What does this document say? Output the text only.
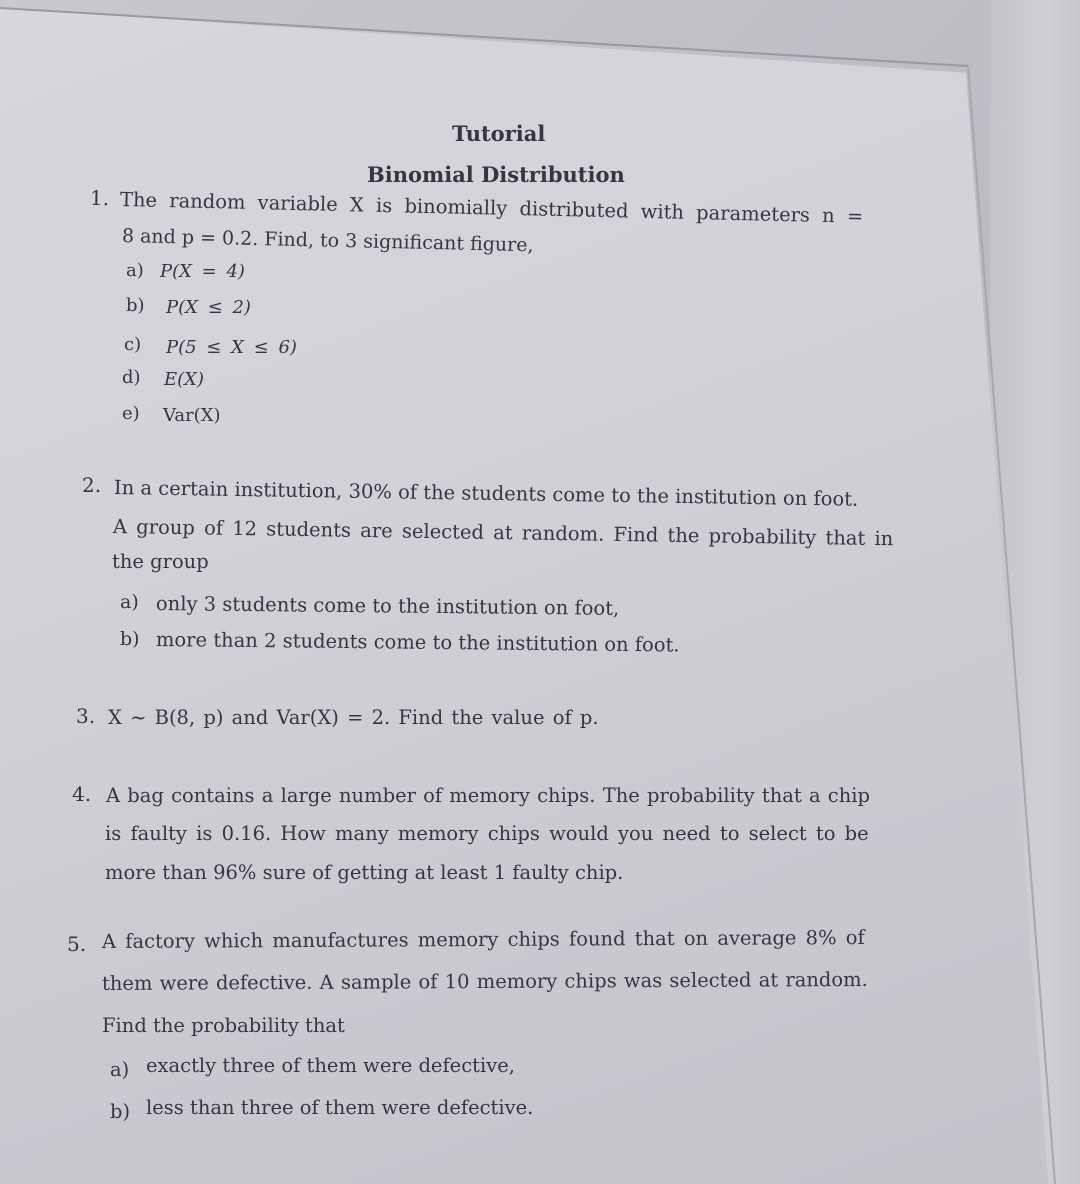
Tutorial
Binomial Distribution
1. The random variable X is binomially distributed with parameters n =
8 and p = 0.2. Find, to 3 significant figure,
a) P(X = 4)
b) P(X ≤ 2)
c) P(5 ≤ X ≤ 6)
d) E(X)
e) Var(X)
2. In a certain institution, 30% of the students come to the institution on foot.
A group of 12 students are selected at random. Find the probability that in
the group
a) only 3 students come to the institution on foot,
b) more than 2 students come to the institution on foot.
3. X ~ B(8, p) and Var(X) = 2. Find the value of p.
4. A bag contains a large number of memory chips. The probability that a chip
is faulty is 0.16. How many memory chips would you need to select to be
more than 96% sure of getting at least 1 faulty chip.
5. A factory which manufactures memory chips found that on average 8% of
them were defective. A sample of 10 memory chips was selected at random.
Find the probability that
a) exactly three of them were defective,
b) less than three of them were defective.
